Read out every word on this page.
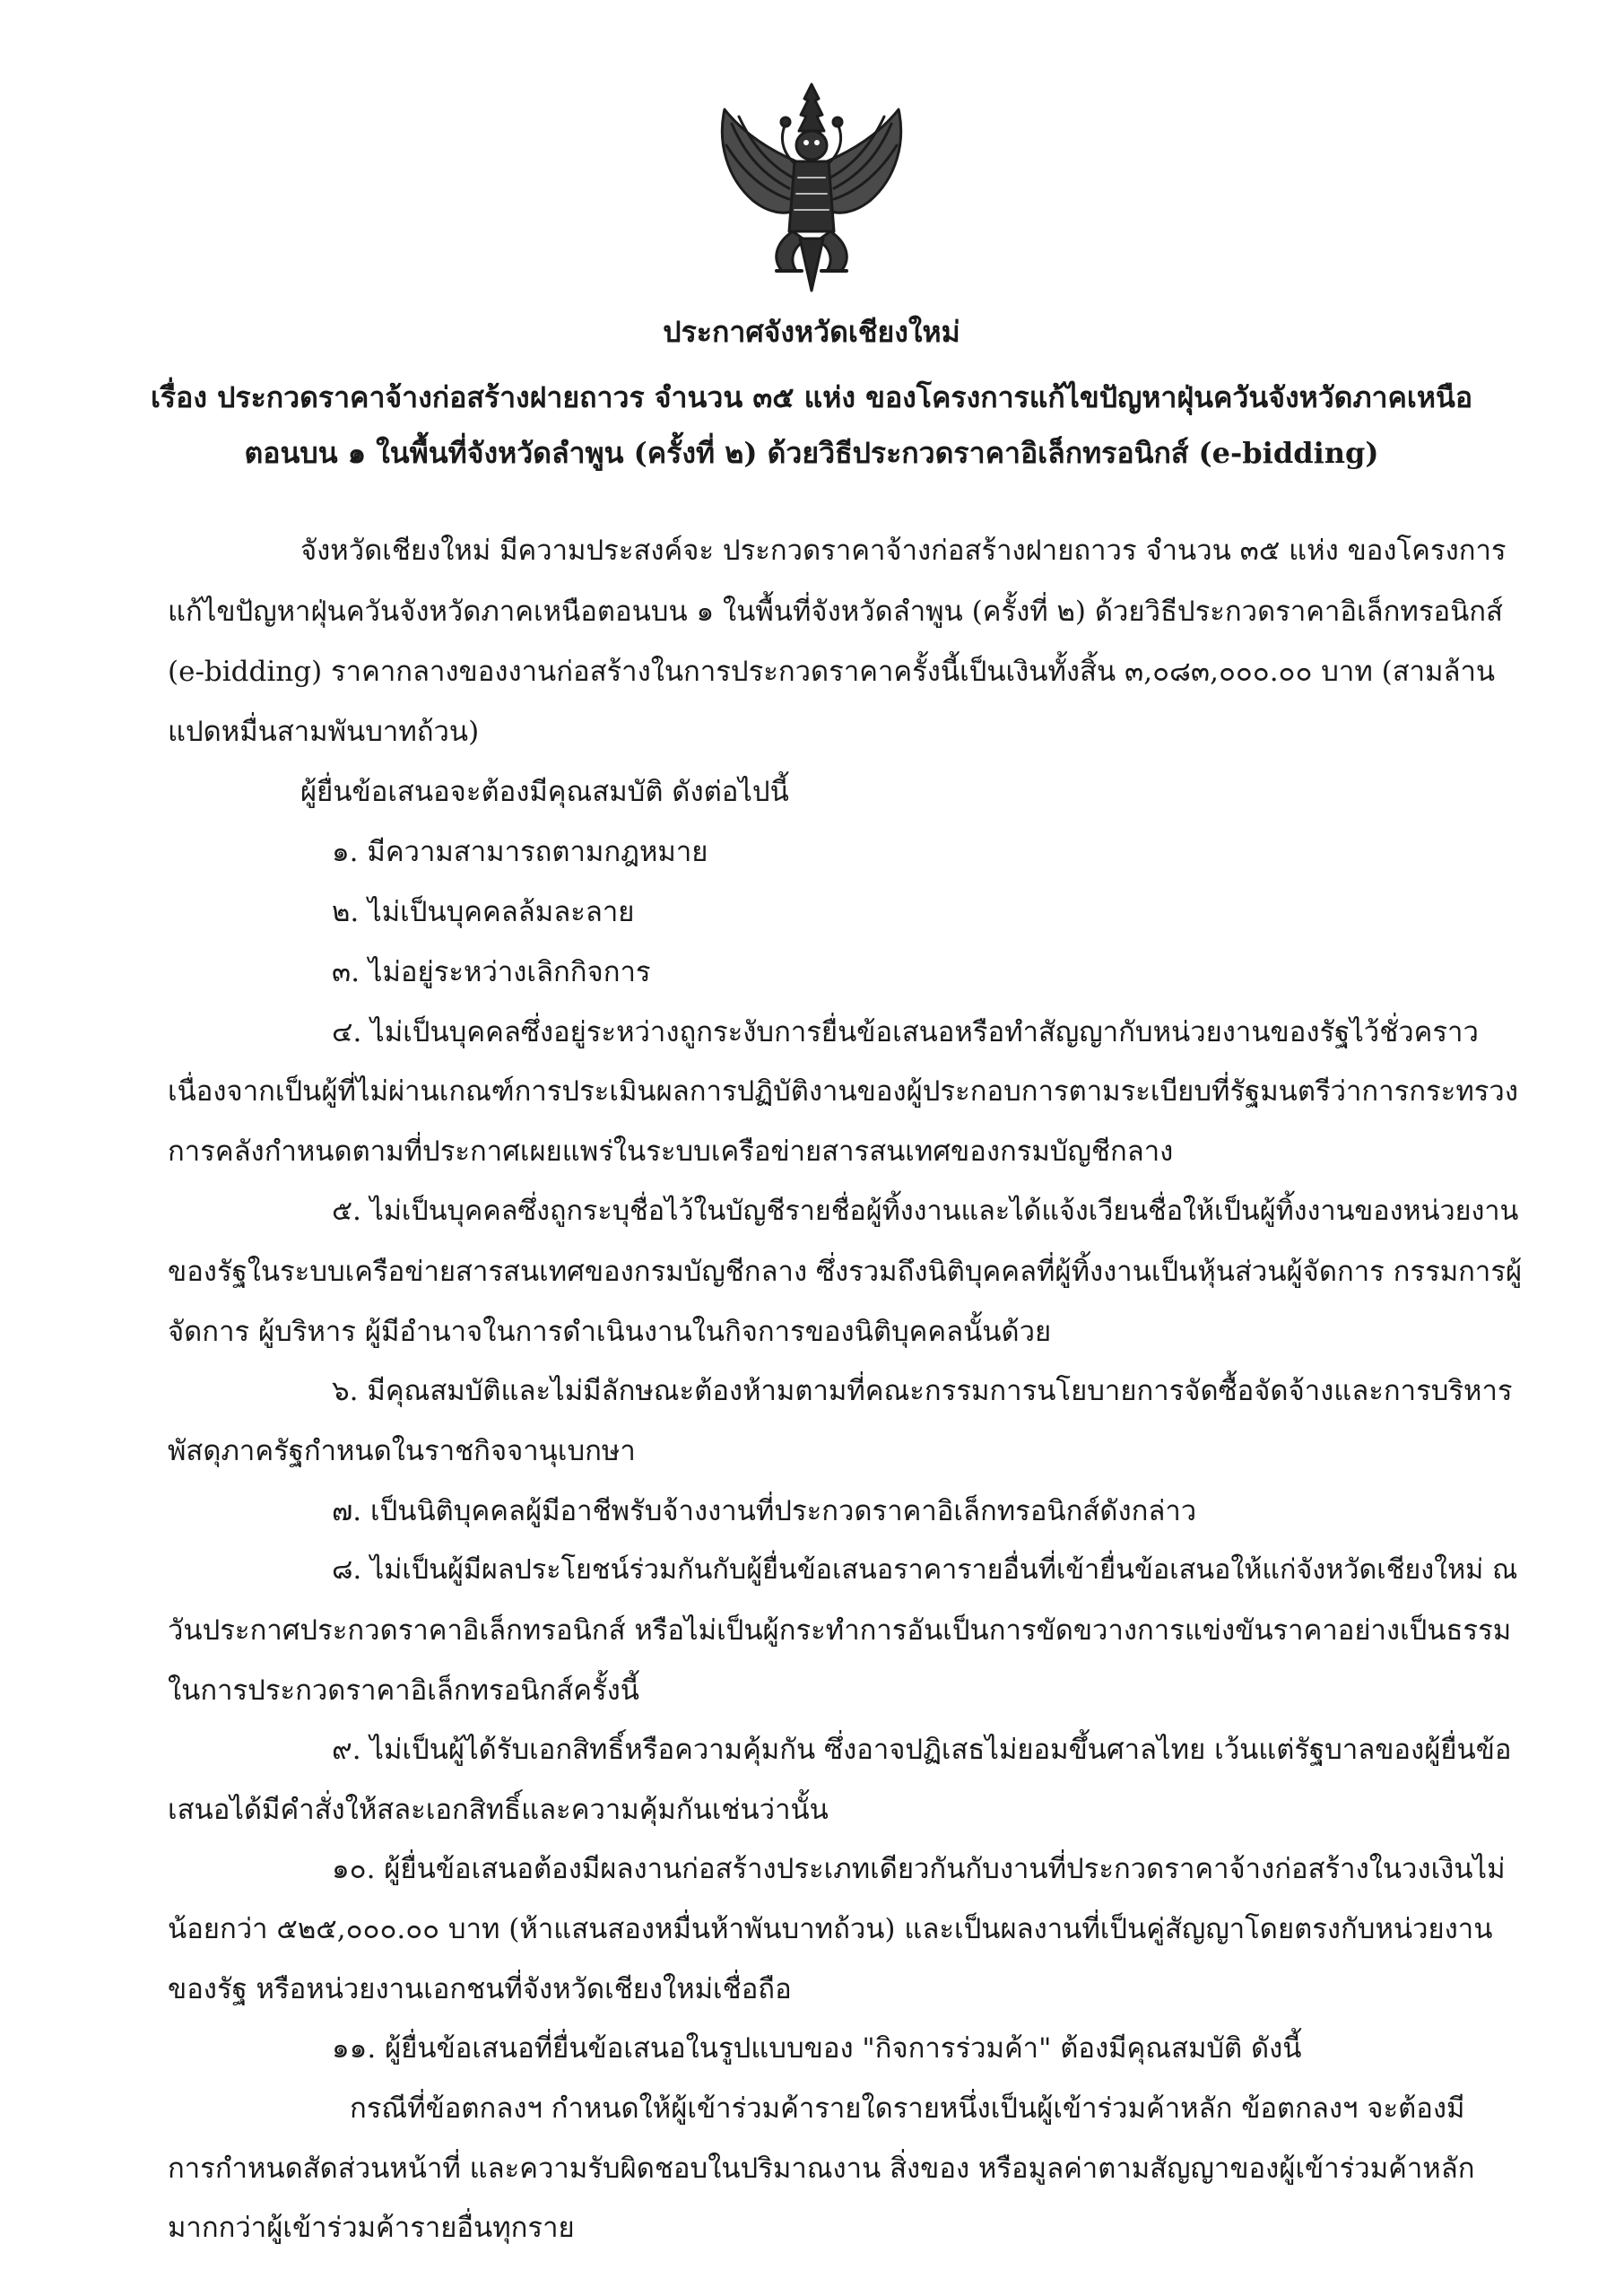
ประกาศจังหวัดเชียงใหม่
เรื่อง ประกวดราคาจ้างก่อสร้างฝายถาวร จำนวน ๓๕ แห่ง ของโครงการแก้ไขปัญหาฝุ่นควันจังหวัดภาคเหนือ
ตอนบน ๑ ในพื้นที่จังหวัดลำพูน (ครั้งที่ ๒) ด้วยวิธีประกวดราคาอิเล็กทรอนิกส์ (e-bidding)
จังหวัดเชียงใหม่ มีความประสงค์จะ ประกวดราคาจ้างก่อสร้างฝายถาวร จำนวน ๓๕ แห่ง ของโครงการ
แก้ไขปัญหาฝุ่นควันจังหวัดภาคเหนือตอนบน ๑ ในพื้นที่จังหวัดลำพูน (ครั้งที่ ๒) ด้วยวิธีประกวดราคาอิเล็กทรอนิกส์
(e-bidding) ราคากลางของงานก่อสร้างในการประกวดราคาครั้งนี้เป็นเงินทั้งสิ้น ๓,๐๘๓,๐๐๐.๐๐ บาท (สามล้าน
แปดหมื่นสามพันบาทถ้วน)
ผู้ยื่นข้อเสนอจะต้องมีคุณสมบัติ ดังต่อไปนี้
๑. มีความสามารถตามกฎหมาย
๒. ไม่เป็นบุคคลล้มละลาย
๓. ไม่อยู่ระหว่างเลิกกิจการ
๔. ไม่เป็นบุคคลซึ่งอยู่ระหว่างถูกระงับการยื่นข้อเสนอหรือทำสัญญากับหน่วยงานของรัฐไว้ชั่วคราว
เนื่องจากเป็นผู้ที่ไม่ผ่านเกณฑ์การประเมินผลการปฏิบัติงานของผู้ประกอบการตามระเบียบที่รัฐมนตรีว่าการกระทรวง
การคลังกำหนดตามที่ประกาศเผยแพร่ในระบบเครือข่ายสารสนเทศของกรมบัญชีกลาง
๕. ไม่เป็นบุคคลซึ่งถูกระบุชื่อไว้ในบัญชีรายชื่อผู้ทิ้งงานและได้แจ้งเวียนชื่อให้เป็นผู้ทิ้งงานของหน่วยงาน
ของรัฐในระบบเครือข่ายสารสนเทศของกรมบัญชีกลาง ซึ่งรวมถึงนิติบุคคลที่ผู้ทิ้งงานเป็นหุ้นส่วนผู้จัดการ กรรมการผู้
จัดการ ผู้บริหาร ผู้มีอำนาจในการดำเนินงานในกิจการของนิติบุคคลนั้นด้วย
๖. มีคุณสมบัติและไม่มีลักษณะต้องห้ามตามที่คณะกรรมการนโยบายการจัดซื้อจัดจ้างและการบริหาร
พัสดุภาครัฐกำหนดในราชกิจจานุเบกษา
๗. เป็นนิติบุคคลผู้มีอาชีพรับจ้างงานที่ประกวดราคาอิเล็กทรอนิกส์ดังกล่าว
๘. ไม่เป็นผู้มีผลประโยชน์ร่วมกันกับผู้ยื่นข้อเสนอราคารายอื่นที่เข้ายื่นข้อเสนอให้แก่จังหวัดเชียงใหม่ ณ
วันประกาศประกวดราคาอิเล็กทรอนิกส์ หรือไม่เป็นผู้กระทำการอันเป็นการขัดขวางการแข่งขันราคาอย่างเป็นธรรม
ในการประกวดราคาอิเล็กทรอนิกส์ครั้งนี้
๙. ไม่เป็นผู้ได้รับเอกสิทธิ์หรือความคุ้มกัน ซึ่งอาจปฏิเสธไม่ยอมขึ้นศาลไทย เว้นแต่รัฐบาลของผู้ยื่นข้อ
เสนอได้มีคำสั่งให้สละเอกสิทธิ์และความคุ้มกันเช่นว่านั้น
๑๐. ผู้ยื่นข้อเสนอต้องมีผลงานก่อสร้างประเภทเดียวกันกับงานที่ประกวดราคาจ้างก่อสร้างในวงเงินไม่
น้อยกว่า ๕๒๕,๐๐๐.๐๐ บาท (ห้าแสนสองหมื่นห้าพันบาทถ้วน) และเป็นผลงานที่เป็นคู่สัญญาโดยตรงกับหน่วยงาน
ของรัฐ หรือหน่วยงานเอกชนที่จังหวัดเชียงใหม่เชื่อถือ
๑๑. ผู้ยื่นข้อเสนอที่ยื่นข้อเสนอในรูปแบบของ "กิจการร่วมค้า" ต้องมีคุณสมบัติ ดังนี้
กรณีที่ข้อตกลงฯ กำหนดให้ผู้เข้าร่วมค้ารายใดรายหนึ่งเป็นผู้เข้าร่วมค้าหลัก ข้อตกลงฯ จะต้องมี
การกำหนดสัดส่วนหน้าที่ และความรับผิดชอบในปริมาณงาน สิ่งของ หรือมูลค่าตามสัญญาของผู้เข้าร่วมค้าหลัก
มากกว่าผู้เข้าร่วมค้ารายอื่นทุกราย
